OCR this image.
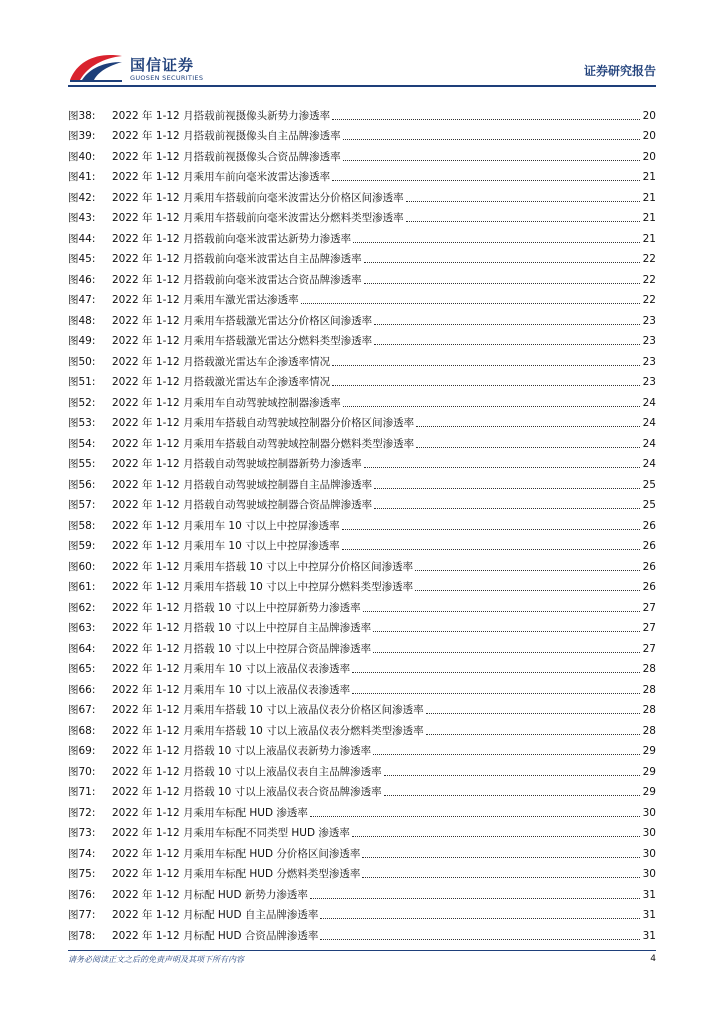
国信证券
GUOSEN SECURITIES	证券研究报告
图38:	2022 年 1-12 月搭载前视摄像头新势力渗透率	20
图39:	2022 年 1-12 月搭载前视摄像头自主品牌渗透率	20
图40:	2022 年 1-12 月搭载前视摄像头合资品牌渗透率	20
图41:	2022 年 1-12 月乘用车前向毫米波雷达渗透率	21
图42:	2022 年 1-12 月乘用车搭载前向毫米波雷达分价格区间渗透率	21
图43:	2022 年 1-12 月乘用车搭载前向毫米波雷达分燃料类型渗透率	21
图44:	2022 年 1-12 月搭载前向毫米波雷达新势力渗透率	21
图45:	2022 年 1-12 月搭载前向毫米波雷达自主品牌渗透率	22
图46:	2022 年 1-12 月搭载前向毫米波雷达合资品牌渗透率	22
图47:	2022 年 1-12 月乘用车激光雷达渗透率	22
图48:	2022 年 1-12 月乘用车搭载激光雷达分价格区间渗透率	23
图49:	2022 年 1-12 月乘用车搭载激光雷达分燃料类型渗透率	23
图50:	2022 年 1-12 月搭载激光雷达车企渗透率情况	23
图51:	2022 年 1-12 月搭载激光雷达车企渗透率情况	23
图52:	2022 年 1-12 月乘用车自动驾驶域控制器渗透率	24
图53:	2022 年 1-12 月乘用车搭载自动驾驶域控制器分价格区间渗透率	24
图54:	2022 年 1-12 月乘用车搭载自动驾驶域控制器分燃料类型渗透率	24
图55:	2022 年 1-12 月搭载自动驾驶域控制器新势力渗透率	24
图56:	2022 年 1-12 月搭载自动驾驶域控制器自主品牌渗透率	25
图57:	2022 年 1-12 月搭载自动驾驶域控制器合资品牌渗透率	25
图58:	2022 年 1-12 月乘用车 10 寸以上中控屏渗透率	26
图59:	2022 年 1-12 月乘用车 10 寸以上中控屏渗透率	26
图60:	2022 年 1-12 月乘用车搭载 10 寸以上中控屏分价格区间渗透率	26
图61:	2022 年 1-12 月乘用车搭载 10 寸以上中控屏分燃料类型渗透率	26
图62:	2022 年 1-12 月搭载 10 寸以上中控屏新势力渗透率	27
图63:	2022 年 1-12 月搭载 10 寸以上中控屏自主品牌渗透率	27
图64:	2022 年 1-12 月搭载 10 寸以上中控屏合资品牌渗透率	27
图65:	2022 年 1-12 月乘用车 10 寸以上液晶仪表渗透率	28
图66:	2022 年 1-12 月乘用车 10 寸以上液晶仪表渗透率	28
图67:	2022 年 1-12 月乘用车搭载 10 寸以上液晶仪表分价格区间渗透率	28
图68:	2022 年 1-12 月乘用车搭载 10 寸以上液晶仪表分燃料类型渗透率	28
图69:	2022 年 1-12 月搭载 10 寸以上液晶仪表新势力渗透率	29
图70:	2022 年 1-12 月搭载 10 寸以上液晶仪表自主品牌渗透率	29
图71:	2022 年 1-12 月搭载 10 寸以上液晶仪表合资品牌渗透率	29
图72:	2022 年 1-12 月乘用车标配 HUD 渗透率	30
图73:	2022 年 1-12 月乘用车标配不同类型 HUD 渗透率	30
图74:	2022 年 1-12 月乘用车标配 HUD 分价格区间渗透率	30
图75:	2022 年 1-12 月乘用车标配 HUD 分燃料类型渗透率	30
图76:	2022 年 1-12 月标配 HUD 新势力渗透率	31
图77:	2022 年 1-12 月标配 HUD 自主品牌渗透率	31
图78:	2022 年 1-12 月标配 HUD 合资品牌渗透率	31
请务必阅读正文之后的免责声明及其项下所有内容	4
